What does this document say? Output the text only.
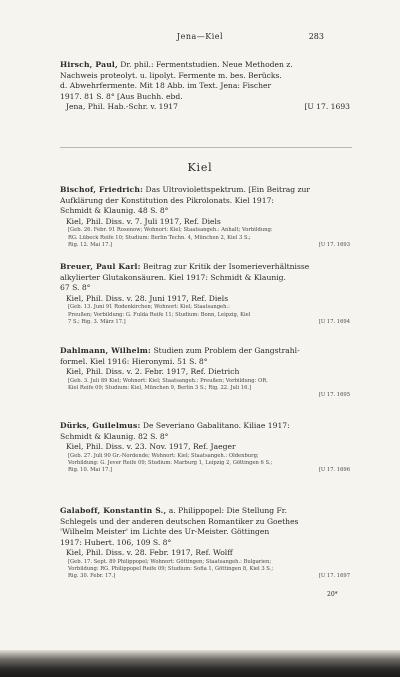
Jena—Kiel	283
Hirsch, Paul, Dr. phil.: Fermentstudien. Neue Methoden z.
Nachweis proteolyt. u. lipolyt. Fermente m. bes. Berücks.
d. Abwehrfermente. Mit 18 Abb. im Text. Jena: Fischer
1917. 81 S. 8° [Aus Buchh. ebd.
Jena, Phil. Hab.-Schr. v. 1917	[U 17. 1693
Kiel
Bischof, Friedrich: Das Ultroviolettspektrum. [Ein Beitrag zur
Aufklärung der Konstitution des Pikrolonats. Kiel 1917:
Schmidt & Klaunig. 48 S. 8°
Kiel, Phil. Diss. v. 7. Juli 1917, Ref. Diels
[Geb. 26. Febr. 91 Rosenow; Wohnort: Kiel; Staatsangeh.: Anhalt; Vorbildung:
RG. Lübeck Reife 10; Studium: Berlin Techn. 4, München 2, Kiel 3 S.;
Rig. 12. Mai 17.]	[U 17. 1693
Breuer, Paul Karl: Beitrag zur Kritik der Isomerieverhältnisse
alkylierter Glutakonsäuren. Kiel 1917: Schmidt & Klaunig.
67 S. 8°
Kiel, Phil. Diss. v. 28. Juni 1917, Ref. Diels
[Geb. 13. Juni 91 Rodenkirchen; Wohnort: Kiel; Staatsangeh.:
Preußen; Vorbildung: G. Fulda Reife 11; Studium: Bonn, Leipzig, Kiel
7 S.; Rig. 3. März 17.]	[U 17. 1694
Dahlmann, Wilhelm: Studien zum Problem der Gangstrahl-
formel. Kiel 1916: Hieronymi. 51 S. 8°
Kiel, Phil. Diss. v. 2. Febr. 1917, Ref. Dietrich
[Geb. 3. Juli 89 Kiel; Wohnort: Kiel; Staatsangeh.: Preußen; Vorbildung: OR.
Kiel Reife 09; Studium: Kiel, München 9, Berlin 3 S.; Rig. 22. Juli 16.]
[U 17. 1695
Dürks, Guilelmus: De Severiano Gabalitano. Kiliae 1917:
Schmidt & Klaunig. 82 S. 8°
Kiel, Phil. Diss. v. 23. Nov. 1917, Ref. Jaeger
[Geb. 27. Juli 90 Gr.-Nordende; Wohnort: Kiel; Staatsangeh.: Oldenburg;
Vorbildung: G. Jever Reife 09; Studium: Marburg 1, Leipzig 2, Göttingen 6 S.;
Rig. 10. Mai 17.]	[U 17. 1696
Galaboff, Konstantin S., a. Philippopel: Die Stellung Fr.
Schlegels und der anderen deutschen Romantiker zu Goethes
'Wilhelm Meister' im Lichte des Ur-Meister. Göttingen
1917: Hubert. 106, 109 S. 8°
Kiel, Phil. Diss. v. 28. Febr. 1917, Ref. Wolff
[Geb. 17. Sept. 89 Philippopel; Wohnort: Göttingen; Staatsangeh.: Bulgarien;
Vorbildung: RG. Philippopel Reife 09; Studium: Sofia 1, Göttingen 8, Kiel 3 S.;
Rig. 30. Febr. 17.]	[U 17. 1697
20*
